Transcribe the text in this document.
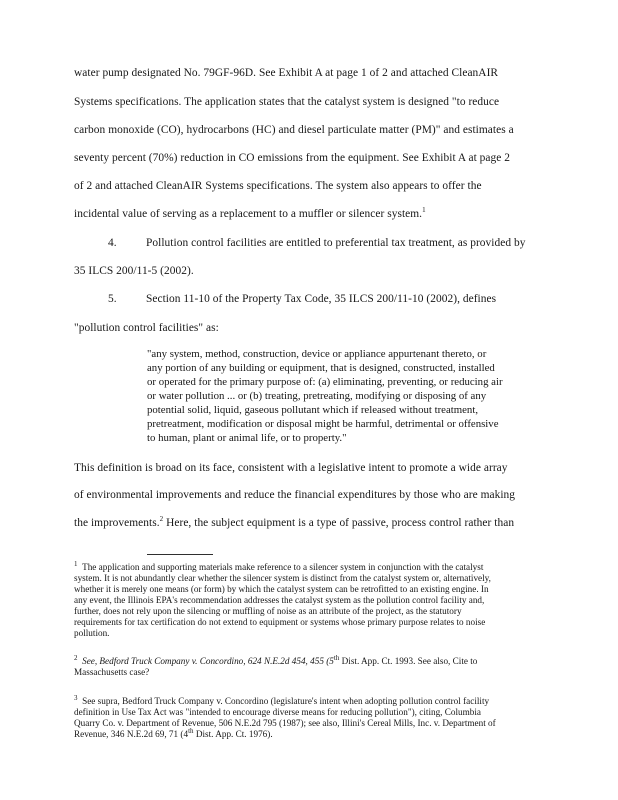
water pump designated No. 79GF-96D. See Exhibit A at page 1 of 2 and attached CleanAIR
Systems specifications. The application states that the catalyst system is designed "to reduce
carbon monoxide (CO), hydrocarbons (HC) and diesel particulate matter (PM)" and estimates a
seventy percent (70%) reduction in CO emissions from the equipment. See Exhibit A at page 2
of 2 and attached CleanAIR Systems specifications. The system also appears to offer the
incidental value of serving as a replacement to a muffler or silencer system.$^1$
4.	Pollution control facilities are entitled to preferential tax treatment, as provided by
35 ILCS 200/11-5 (2002).
5.	Section 11-10 of the Property Tax Code, 35 ILCS 200/11-10 (2002), defines
"pollution control facilities" as:
"any system, method, construction, device or appliance appurtenant thereto, or
any portion of any building or equipment, that is designed, constructed, installed
or operated for the primary purpose of: (a) eliminating, preventing, or reducing air
or water pollution ... or (b) treating, pretreating, modifying or disposing of any
potential solid, liquid, gaseous pollutant which if released without treatment,
pretreatment, modification or disposal might be harmful, detrimental or offensive
to human, plant or animal life, or to property."
This definition is broad on its face, consistent with a legislative intent to promote a wide array
of environmental improvements and reduce the financial expenditures by those who are making
the improvements.$^2$ Here, the subject equipment is a type of passive, process control rather than
$^1$ The application and supporting materials make reference to a silencer system in conjunction with the catalyst
system. It is not abundantly clear whether the silencer system is distinct from the catalyst system or, alternatively,
whether it is merely one means (or form) by which the catalyst system can be retrofitted to an existing engine. In
any event, the Illinois EPA's recommendation addresses the catalyst system as the pollution control facility and,
further, does not rely upon the silencing or muffling of noise as an attribute of the project, as the statutory
requirements for tax certification do not extend to equipment or systems whose primary purpose relates to noise
pollution.
$^2$ See, Bedford Truck Company v. Concordino, 624 N.E.2d 454, 455 (5th Dist. App. Ct. 1993. See also, Cite to
Massachusetts case?
$^3$ See supra, Bedford Truck Company v. Concordino (legislature's intent when adopting pollution control facility
definition in Use Tax Act was "intended to encourage diverse means for reducing pollution"), citing, Columbia
Quarry Co. v. Department of Revenue, 506 N.E.2d 795 (1987); see also, Illini's Cereal Mills, Inc. v. Department of
Revenue, 346 N.E.2d 69, 71 (4th Dist. App. Ct. 1976).
